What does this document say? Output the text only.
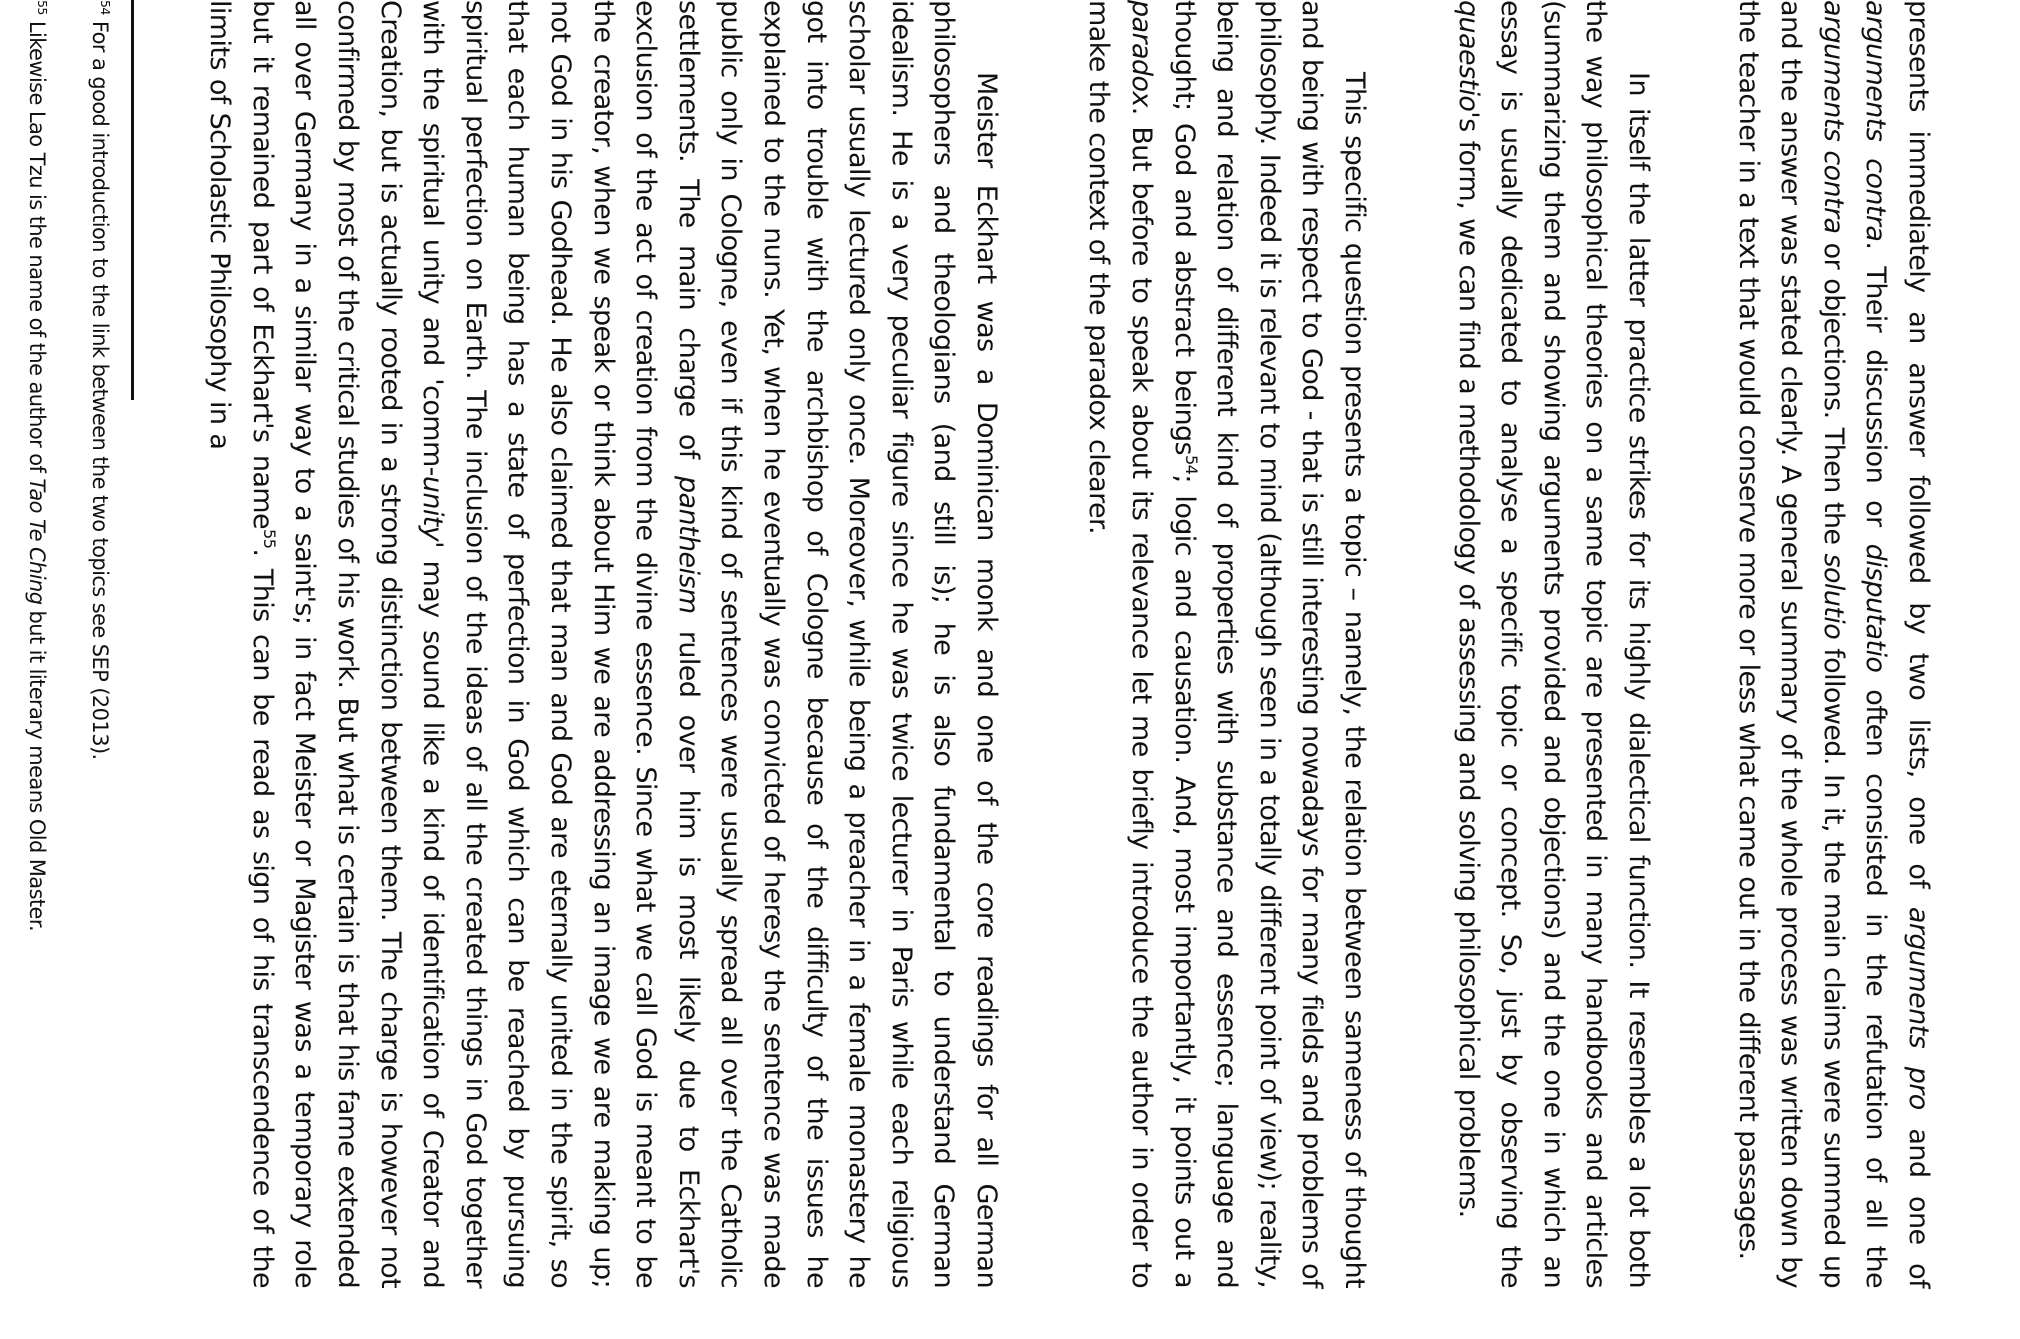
presents immediately an answer followed by two lists, one of arguments pro and one of arguments contra. Their discussion or disputatio often consisted in the refutation of all the arguments contra or objections. Then the solutio followed. In it, the main claims were summed up and the answer was stated clearly. A general summary of the whole process was written down by the teacher in a text that would conserve more or less what came out in the different passages.

In itself the latter practice strikes for its highly dialectical function. It resembles a lot both the way philosophical theories on a same topic are presented in many handbooks and articles (summarizing them and showing arguments provided and objections) and the one in which an essay is usually dedicated to analyse a specific topic or concept. So, just by observing the quaestio's form, we can find a methodology of assessing and solving philosophical problems.

This specific question presents a topic – namely, the relation between sameness of thought and being with respect to God - that is still interesting nowadays for many fields and problems of philosophy. Indeed it is relevant to mind (although seen in a totally different point of view); reality, being and relation of different kind of properties with substance and essence; language and thought; God and abstract beings$^{54}$; logic and causation. And, most importantly, it points out a paradox. But before to speak about its relevance let me briefly introduce the author in order to make the context of the paradox clearer.

Meister Eckhart was a Dominican monk and one of the core readings for all German philosophers and theologians (and still is); he is also fundamental to understand German idealism. He is a very peculiar figure since he was twice lecturer in Paris while each religious scholar usually lectured only once. Moreover, while being a preacher in a female monastery he got into trouble with the archbishop of Cologne because of the difficulty of the issues he explained to the nuns. Yet, when he eventually was convicted of heresy the sentence was made public only in Cologne, even if this kind of sentences were usually spread all over the Catholic settlements. The main charge of pantheism ruled over him is most likely due to Eckhart's exclusion of the act of creation from the divine essence. Since what we call God is meant to be the creator, when we speak or think about Him we are addressing an image we are making up; not God in his Godhead. He also claimed that man and God are eternally united in the spirit, so that each human being has a state of perfection in God which can be reached by pursuing spiritual perfection on Earth. The inclusion of the ideas of all the created things in God together with the spiritual unity and 'comm-unity' may sound like a kind of identification of Creator and Creation, but is actually rooted in a strong distinction between them. The charge is however not confirmed by most of the critical studies of his work. But what is certain is that his fame extended all over Germany in a similar way to a saint's; in fact Meister or Magister was a temporary role but it remained part of Eckhart's name$^{55}$. This can be read as sign of his transcendence of the limits of Scholastic Philosophy in a

$^{54}$ For a good introduction to the link between the two topics see SEP (2013).

$^{55}$ Likewise Lao Tzu is the name of the author of Tao Te Ching but it literary means Old Master.
